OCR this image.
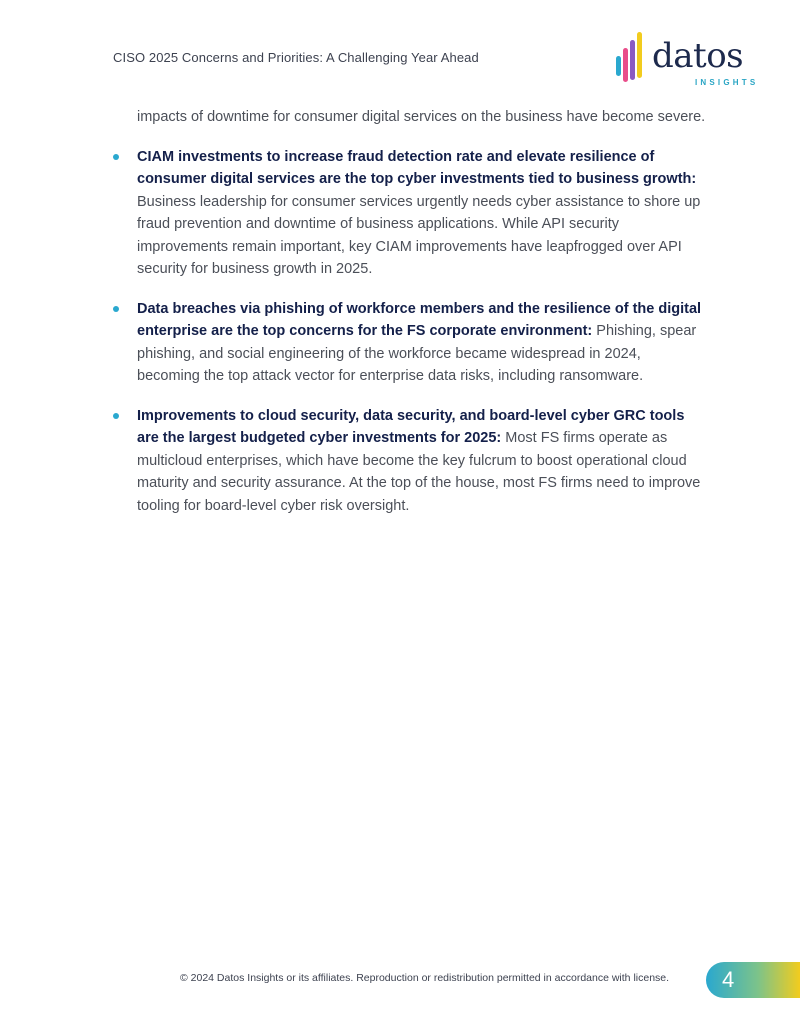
CISO 2025 Concerns and Priorities: A Challenging Year Ahead	datos
INSIGHTS

impacts of downtime for consumer digital services on the business have become severe.

CIAM investments to increase fraud detection rate and elevate resilience of consumer digital services are the top cyber investments tied to business growth: Business leadership for consumer services urgently needs cyber assistance to shore up fraud prevention and downtime of business applications. While API security improvements remain important, key CIAM improvements have leapfrogged over API security for business growth in 2025.
Data breaches via phishing of workforce members and the resilience of the digital enterprise are the top concerns for the FS corporate environment: Phishing, spear phishing, and social engineering of the workforce became widespread in 2024, becoming the top attack vector for enterprise data risks, including ransomware.
Improvements to cloud security, data security, and board-level cyber GRC tools are the largest budgeted cyber investments for 2025: Most FS firms operate as multicloud enterprises, which have become the key fulcrum to boost operational cloud maturity and security assurance. At the top of the house, most FS firms need to improve tooling for board-level cyber risk oversight.
© 2024 Datos Insights or its affiliates. Reproduction or redistribution permitted in accordance with license. 4
